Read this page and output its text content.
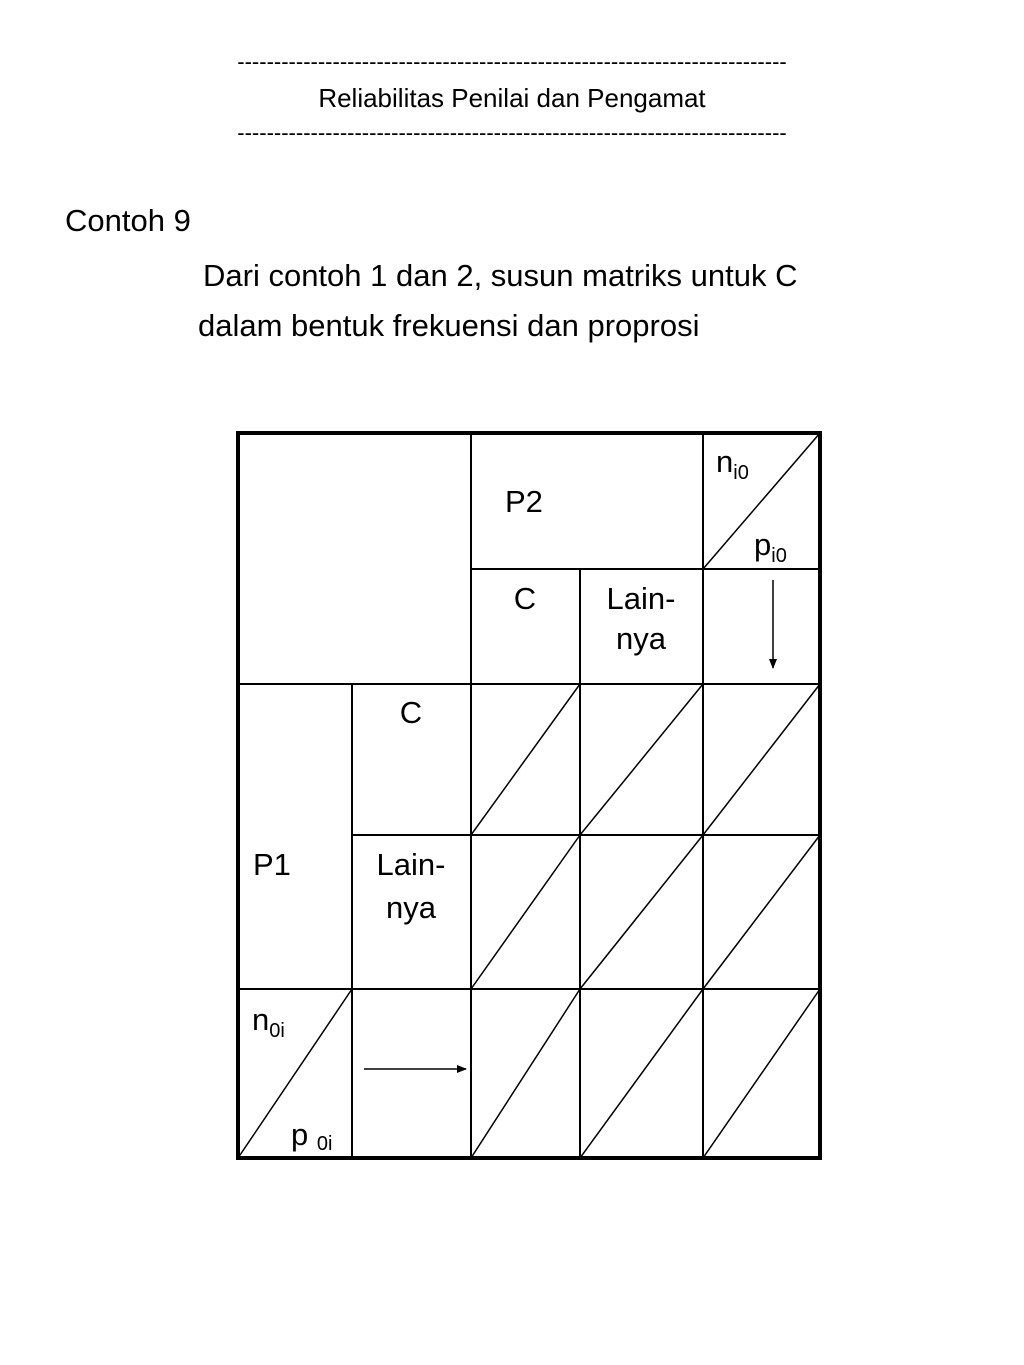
---------------------------------------------------------------------------
Reliabilitas Penilai dan Pengamat
---------------------------------------------------------------------------
Contoh 9
Dari contoh 1 dan 2, susun matriks untuk C
dalam bentuk frekuensi dan proprosi
P2
$n_{i0}$
$p_{i0}$
C Lain-
nya
C
P1	Lain-
nya
$n_{0i}$
p 0i
